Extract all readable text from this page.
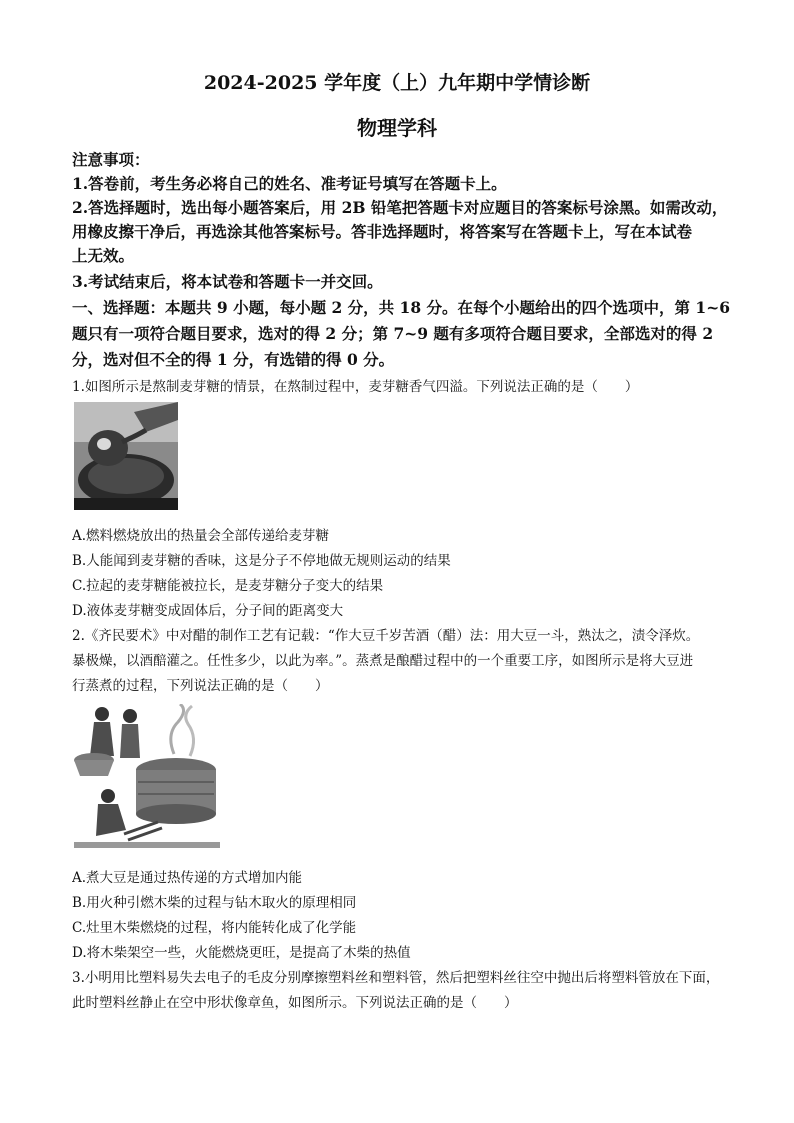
2024-2025 学年度（上）九年期中学情诊断
物理学科
注意事项：
1.答卷前，考生务必将自己的姓名、准考证号填写在答题卡上。
2.答选择题时，选出每小题答案后，用 2B 铅笔把答题卡对应题目的答案标号涂黑。如需改动，
用橡皮擦干净后，再选涂其他答案标号。答非选择题时，将答案写在答题卡上，写在本试卷
上无效。
3.考试结束后，将本试卷和答题卡一并交回。
一、选择题：本题共 9 小题，每小题 2 分，共 18 分。在每个小题给出的四个选项中，第 1~6
题只有一项符合题目要求，选对的得 2 分；第 7~9 题有多项符合题目要求，全部选对的得 2
分，选对但不全的得 1 分，有选错的得 0 分。
1.如图所示是熬制麦芽糖的情景，在熬制过程中，麦芽糖香气四溢。下列说法正确的是（　　）
A.燃料燃烧放出的热量会全部传递给麦芽糖
B.人能闻到麦芽糖的香味，这是分子不停地做无规则运动的结果
C.拉起的麦芽糖能被拉长，是麦芽糖分子变大的结果
D.液体麦芽糖变成固体后，分子间的距离变大
2.《齐民要术》中对醋的制作工艺有记载：“作大豆千岁苦酒（醋）法：用大豆一斗，熟汰之，渍令泽炊。
暴极燥，以酒醅灌之。任性多少，以此为率。”。蒸煮是酿醋过程中的一个重要工序，如图所示是将大豆进
行蒸煮的过程，下列说法正确的是（　　）
A.煮大豆是通过热传递的方式增加内能
B.用火种引燃木柴的过程与钻木取火的原理相同
C.灶里木柴燃烧的过程，将内能转化成了化学能
D.将木柴架空一些，火能燃烧更旺，是提高了木柴的热值
3.小明用比塑料易失去电子的毛皮分别摩擦塑料丝和塑料管，然后把塑料丝往空中抛出后将塑料管放在下面，
此时塑料丝静止在空中形状像章鱼，如图所示。下列说法正确的是（　　）
